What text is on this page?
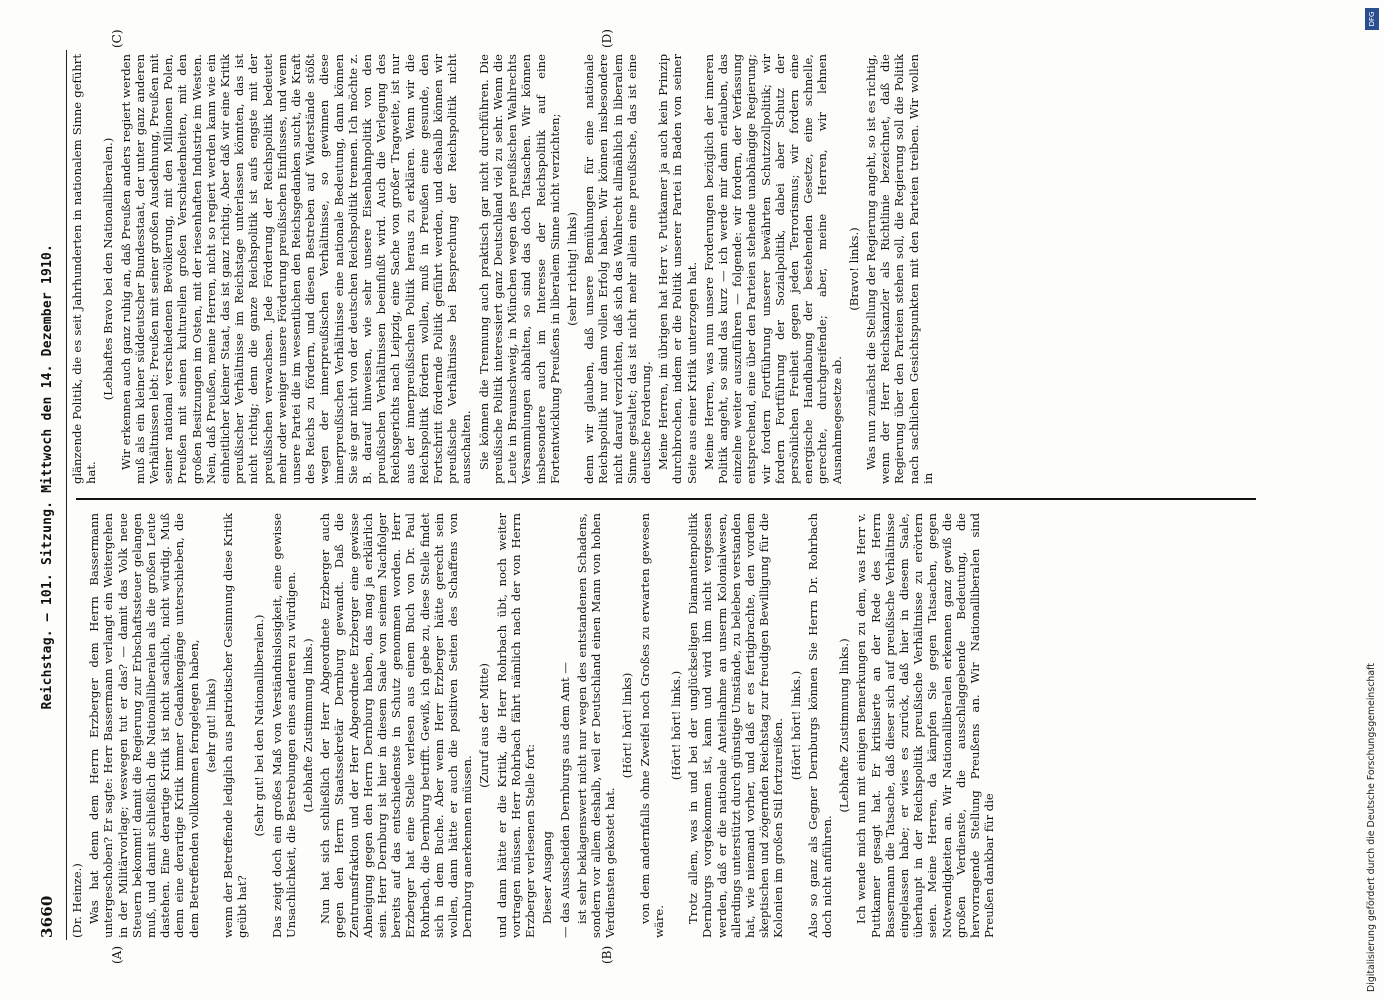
3660
Reichstag. — 101. Sitzung. Mittwoch den 14. Dezember 1910.
(A)	(B)
(C)	(D)

(Dr. Heinze.) Was hat denn dem Herrn Erzberger dem Herrn Bassermann untergeschoben? Er sagte: Herr Bassermann verlangt ein Weitergehen in der Militärvorlage; weswegen tut er das? — damit das Volk neue Steuern bekommt! damit die Regierung zur Erbschaftssteuer gelangen muß, und damit schließlich die Nationalliberalen als die großen Leute dastehen. Eine derartige Kritik ist nicht sachlich, nicht würdig. Muß denn eine derartige Kritik immer Gedankengänge unterschieben, die dem Betreffenden vollkommen ferngelegen haben, (sehr gut! links) wenn der Betreffende lediglich aus patriotischer Gesinnung diese Kritik geübt hat?

(Sehr gut! bei den Nationalliberalen.) Das zeigt doch ein großes Maß von Verständnislosigkeit, eine gewisse Unsachlichkeit, die Bestrebungen eines anderen zu würdigen. (Lebhafte Zustimmung links.) Nun hat sich schließlich der Herr Abgeordnete Erzberger auch gegen den Herrn Staatssekretär Dernburg gewandt. Daß die Zentrumsfraktion und der Herr Abgeordnete Erzberger eine gewisse Abneigung gegen den Herrn Dernburg haben, das mag ja erklärlich sein. Herr Dernburg ist hier in diesem Saale von seinem Nachfolger bereits auf das entschiedenste in Schutz genommen worden. Herr Erzberger hat eine Stelle verlesen aus einem Buch von Dr. Paul Rohrbach, die Dernburg betrifft. Gewiß, ich gebe zu, diese Stelle findet sich in dem Buche. Aber wenn Herr Erzberger hätte gerecht sein wollen, dann hätte er auch die positiven Seiten des Schaffens von Dernburg anerkennen müssen.

(Zuruf aus der Mitte) und dann hätte er die Kritik, die Herr Rohrbach übt, noch weiter vortragen müssen. Herr Rohrbach fährt nämlich nach der von Herrn Erzberger verlesenen Stelle fort: Dieser Ausgang — das Ausscheiden Dernburgs aus dem Amt — ist sehr beklagenswert nicht nur wegen des entstandenen Schadens, sondern vor allem deshalb, weil er Deutschland einen Mann von hohen Verdiensten gekostet hat.

(Hört! hört! links) von dem andernfalls ohne Zweifel noch Großes zu erwarten gewesen wäre.

(Hört! hört! links.) Trotz allem, was in und bei der unglückseligen Diamantenpolitik Dernburgs vorgekommen ist, kann und wird ihm nicht vergessen werden, daß er die nationale Anteilnahme an unserm Kolonialwesen, allerdings unterstützt durch günstige Umstände, zu beleben verstanden hat, wie niemand vorher, und daß er es fertigbrachte, den vordem skeptischen und zögernden Reichstag zur freudigen Bewilligung für die Kolonien im großen Stil fortzureißen. (Hört! hört! links.) Also so ganz als Gegner Dernburgs können Sie Herrn Dr. Rohrbach doch nicht anführen.

(Lebhafte Zustimmung links.) Ich wende mich nun mit einigen Bemerkungen zu dem, was Herr v. Puttkamer gesagt hat. Er kritisierte an der Rede des Herrn Bassermann die Tatsache, daß dieser sich auf preußische Verhältnisse eingelassen habe; er wies es zurück, daß hier in diesem Saale, überhaupt in der Reichspolitik preußische Verhältnisse zu erörtern seien. Meine Herren, da kämpfen Sie gegen Tatsachen, gegen Notwendigkeiten an. Wir Nationalliberalen erkennen ganz gewiß die großen Verdienste, die ausschlaggebende Bedeutung, die hervorragende Stellung Preußens an. Wir Nationalliberalen sind Preußen dankbar für die

glänzende Politik, die es seit Jahrhunderten in nationalem Sinne geführt hat.

(Lebhaftes Bravo bei den Nationalliberalen.) Wir erkennen auch ganz ruhig an, daß Preußen anders regiert werden muß als ein kleiner süddeutscher Bundesstaat, der unter ganz anderen Verhältnissen lebt: Preußen mit seiner großen Ausdehnung, Preußen mit seiner national verschiedenen Bevölkerung, mit den Millionen Polen, Preußen mit seinen kulturellen großen Verschiedenheiten, mit den großen Besitzungen im Osten, mit der riesenhaften Industrie im Westen. Nein, daß Preußen, meine Herren, nicht so regiert werden kann wie ein einheitlicher kleiner Staat, das ist ganz richtig. Aber daß wir eine Kritik preußischer Verhältnisse im Reichstage unterlassen könnten, das ist nicht richtig; denn die ganze Reichspolitik ist aufs engste mit der preußischen verwachsen. Jede Förderung der Reichspolitik bedeutet mehr oder weniger unsere Förderung preußischen Einflusses, und wenn unsere Partei die im wesentlichen den Reichsgedanken sucht, die Kraft des Reichs zu fördern, und diesen Bestreben auf Widerstände stößt wegen der innerpreußischen Verhältnisse, so gewinnen diese innerpreußischen Verhältnisse eine nationale Bedeutung, dann können Sie sie gar nicht von der deutschen Reichspolitik trennen. Ich möchte z. B. darauf hinweisen, wie sehr unsere Eisenbahnpolitik von den preußischen Verhältnissen beeinflußt wird. Auch die Verlegung des Reichsgerichts nach Leipzig, eine Sache von großer Tragweite, ist nur aus der innerpreußischen Politik heraus zu erklären. Wenn wir die Reichspolitik fördern wollen, muß in Preußen eine gesunde, den Fortschritt fördernde Politik geführt werden, und deshalb können wir preußische Verhältnisse bei Besprechung der Reichspolitik nicht ausschalten. Sie können die Trennung auch praktisch gar nicht durchführen. Die preußische Politik interessiert ganz Deutschland viel zu sehr. Wenn die Leute in Braunschweig, in München wegen des preußischen Wahlrechts Versammlungen abhalten, so sind das doch Tatsachen. Wir können insbesondere auch im Interesse der Reichspolitik auf eine Fortentwicklung Preußens in liberalem Sinne nicht verzichten; (sehr richtig! links) denn wir glauben, daß unsere Bemühungen für eine nationale Reichspolitik nur dann vollen Erfolg haben. Wir können insbesondere nicht darauf verzichten, daß sich das Wahlrecht allmählich in liberalem Sinne gestaltet; das ist nicht mehr allein eine preußische, das ist eine deutsche Forderung. Meine Herren, im übrigen hat Herr v. Puttkamer ja auch kein Prinzip durchbrochen, indem er die Politik unserer Partei in Baden von seiner Seite aus einer Kritik unterzogen hat. Meine Herren, was nun unsere Forderungen bezüglich der inneren Politik angeht, so sind das kurz — ich werde mir dann erlauben, das einzelne weiter auszuführen — folgende: wir fordern, der Verfassung entsprechend, eine über den Parteien stehende unabhängige Regierung; wir fordern Fortführung unserer bewährten Schutzzollpolitik; wir fordern Fortführung der Sozialpolitik, dabei aber Schutz der persönlichen Freiheit gegen jeden Terrorismus; wir fordern eine energische Handhabung der bestehenden Gesetze, eine schnelle, gerechte, durchgreifende; aber, meine Herren, wir lehnen Ausnahmegesetze ab.

(Bravo! links.) Was nun zunächst die Stellung der Regierung angeht, so ist es richtig, wenn der Herr Reichskanzler als Richtlinie bezeichnet, daß die Regierung über den Parteien stehen soll, die Regierung soll die Politik nach sachlichen Gesichtspunkten mit den Parteien treiben. Wir wollen in

Digitalisierung gefördert durch die Deutsche Forschungsgemeinschaft
DFG
